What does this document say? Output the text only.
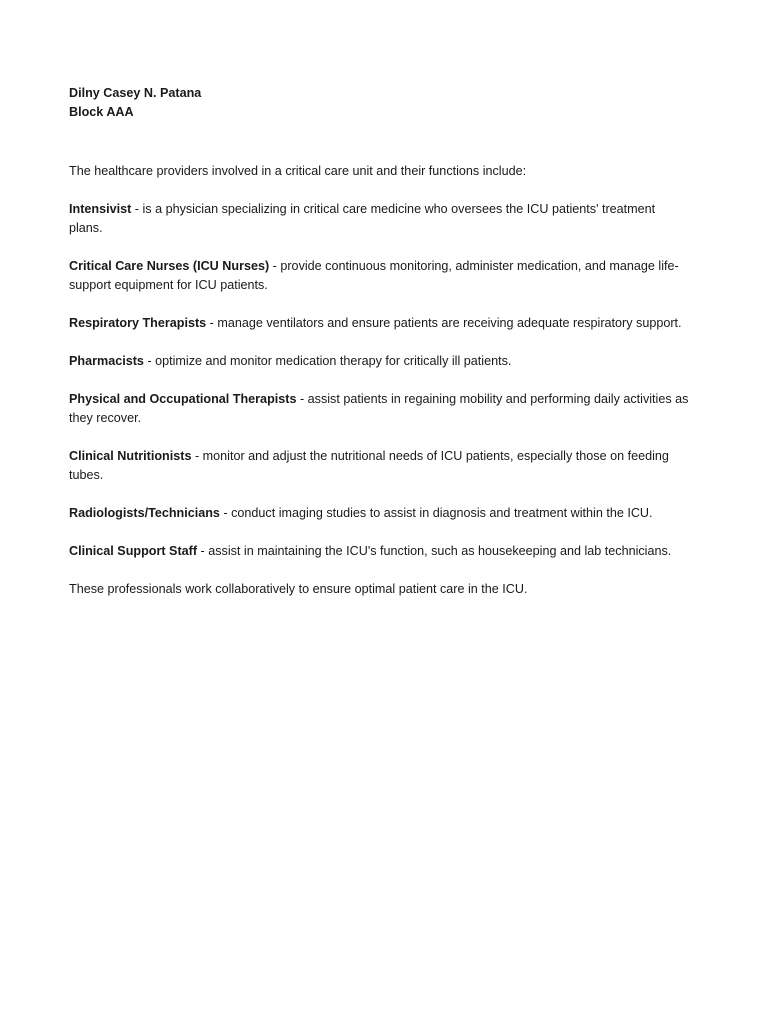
Dilny Casey N. Patana

Block AAA

The healthcare providers involved in a critical care unit and their functions include:

Intensivist - is a physician specializing in critical care medicine who oversees the ICU patients' treatment plans.

Critical Care Nurses (ICU Nurses) - provide continuous monitoring, administer medication, and manage life-support equipment for ICU patients.

Respiratory Therapists - manage ventilators and ensure patients are receiving adequate respiratory support.

Pharmacists - optimize and monitor medication therapy for critically ill patients.

Physical and Occupational Therapists - assist patients in regaining mobility and performing daily activities as they recover.

Clinical Nutritionists - monitor and adjust the nutritional needs of ICU patients, especially those on feeding tubes.

Radiologists/Technicians - conduct imaging studies to assist in diagnosis and treatment within the ICU.

Clinical Support Staff - assist in maintaining the ICU's function, such as housekeeping and lab technicians.

These professionals work collaboratively to ensure optimal patient care in the ICU.
